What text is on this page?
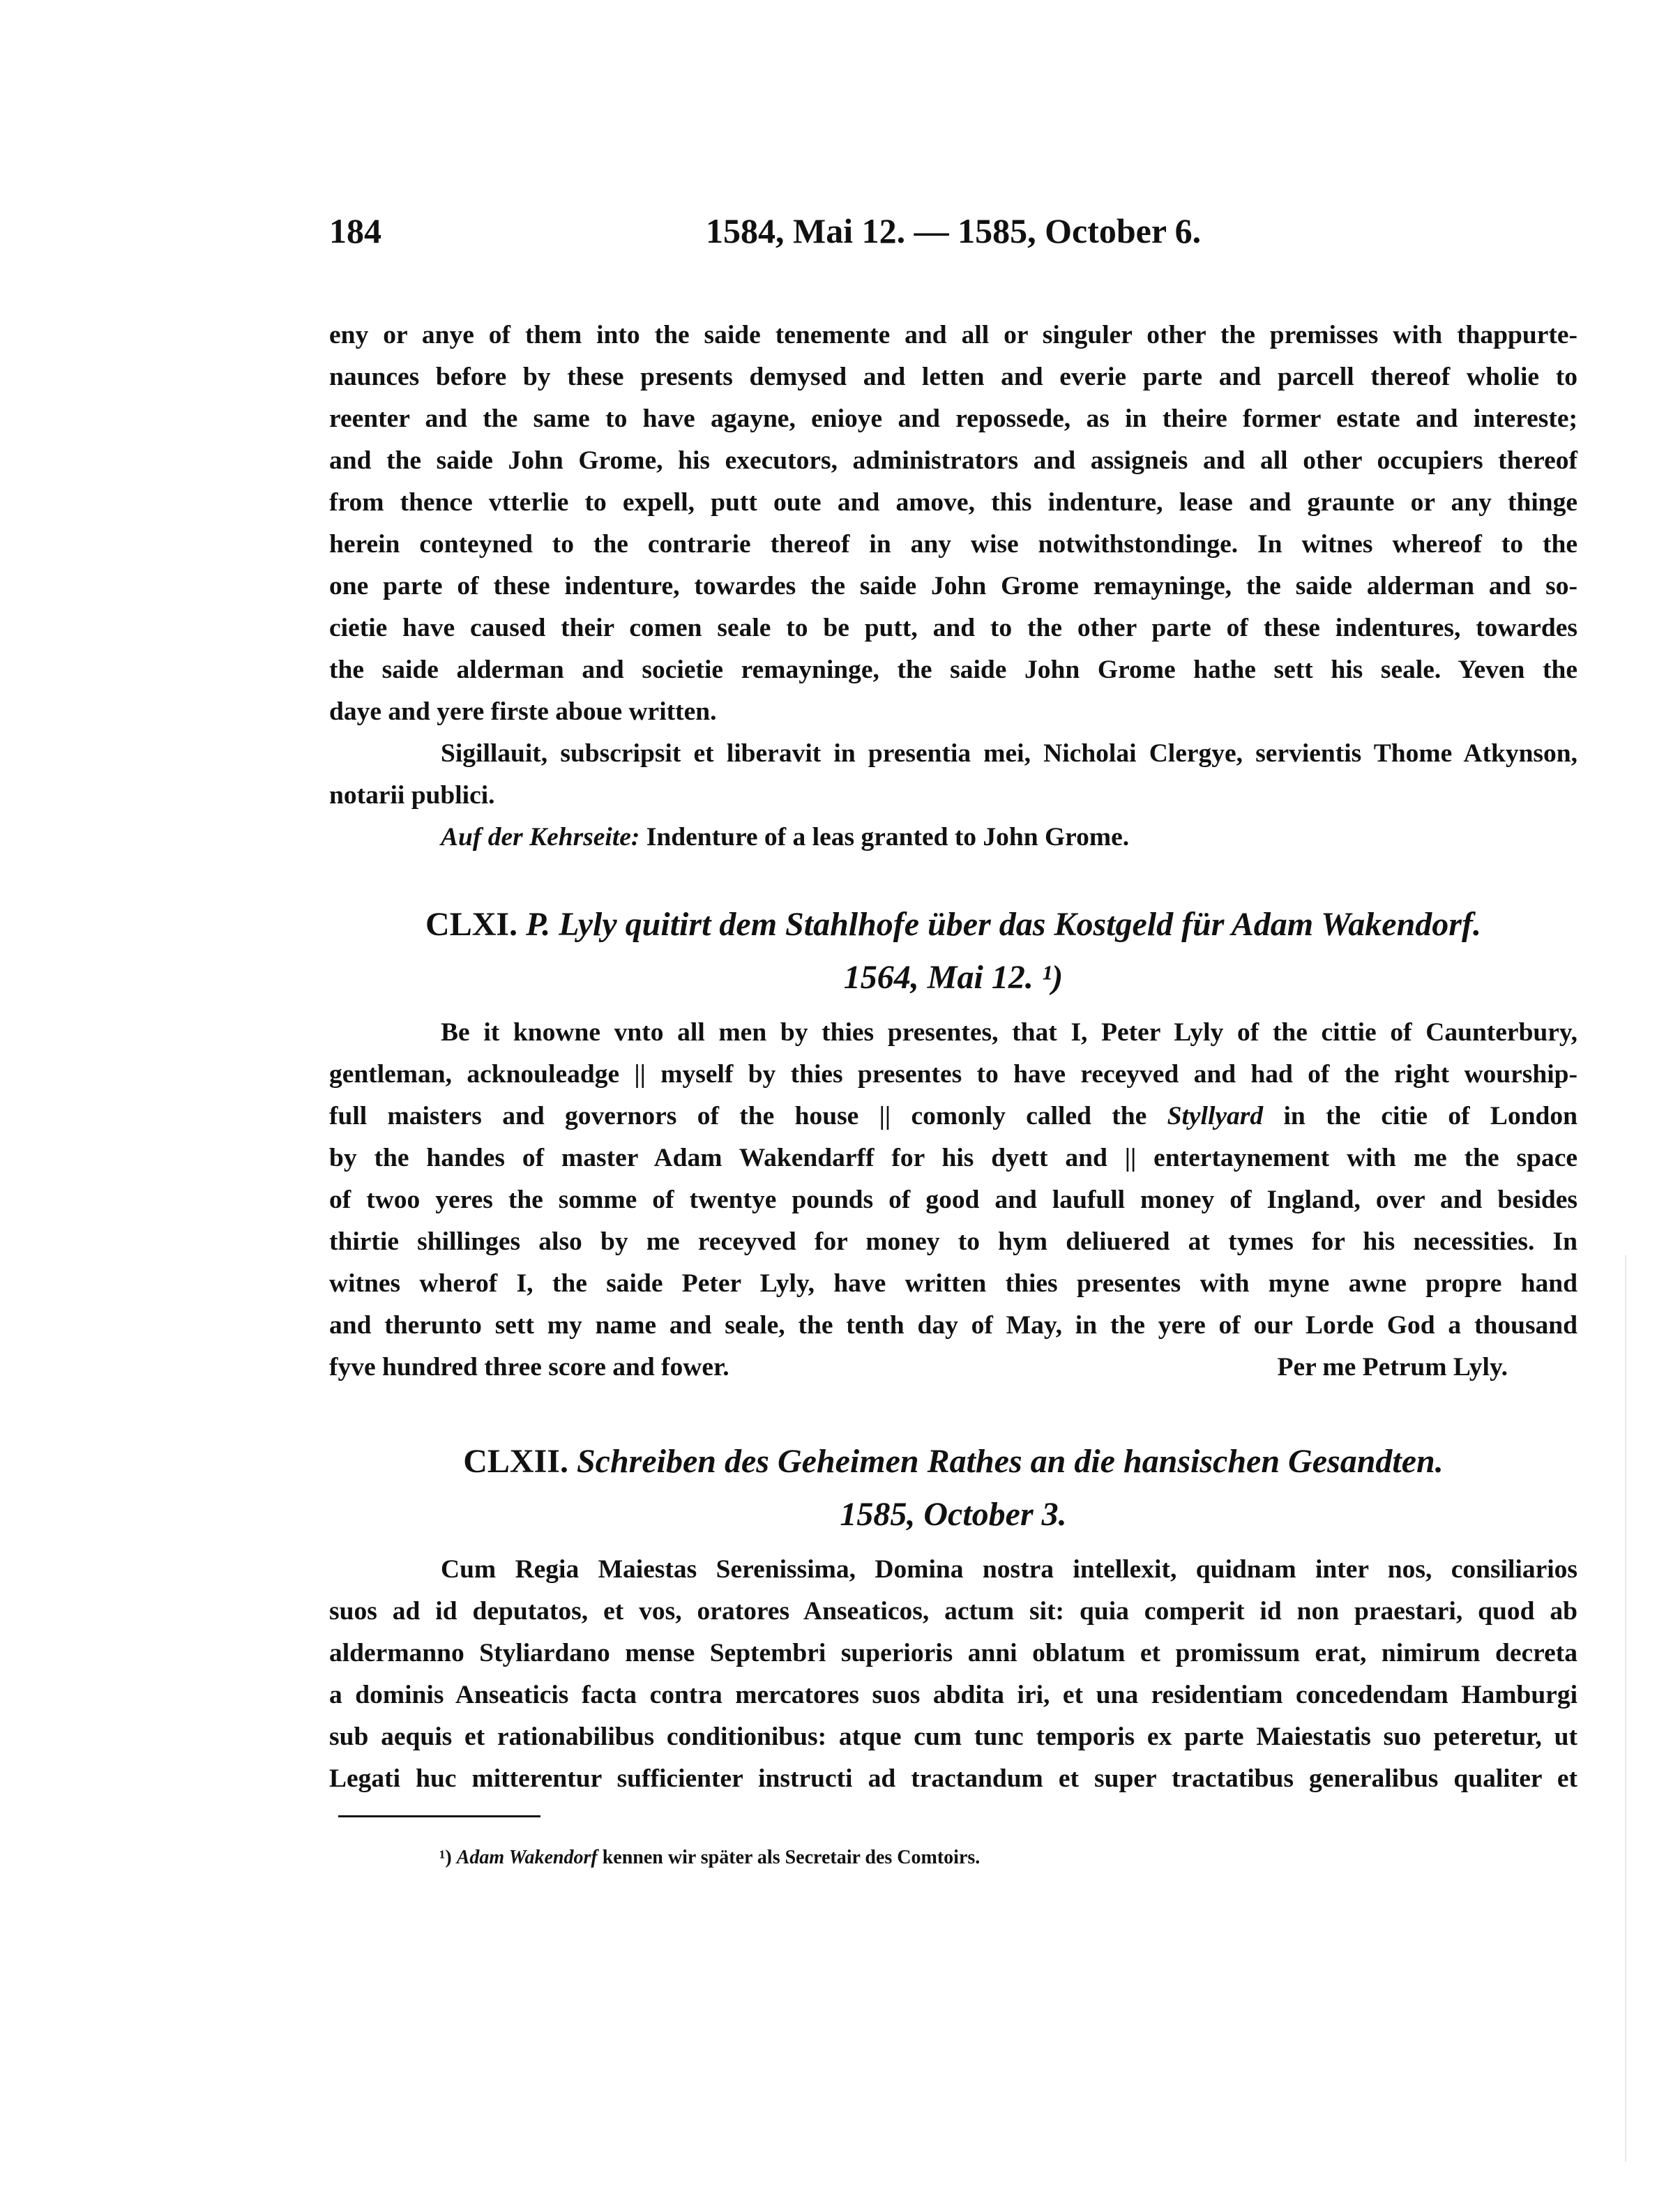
184	1584, Mai 12. — 1585, October 6.
eny or anye of them into the saide tenemente and all or singuler other the premisses with thappurte-
naunces before by these presents demysed and letten and everie parte and parcell thereof wholie to
reenter and the same to have agayne, enioye and repossede, as in theire former estate and intereste;
and the saide John Grome, his executors, administrators and assigneis and all other occupiers thereof
from thence vtterlie to expell, putt oute and amove, this indenture, lease and graunte or any thinge
herein conteyned to the contrarie thereof in any wise notwithstondinge. In witnes whereof to the
one parte of these indenture, towardes the saide John Grome remayninge, the saide alderman and so-
cietie have caused their comen seale to be putt, and to the other parte of these indentures, towardes
the saide alderman and societie remayninge, the saide John Grome hathe sett his seale. Yeven the
daye and yere firste aboue written.
Sigillauit, subscripsit et liberavit in presentia mei, Nicholai Clergye, servientis Thome Atkynson,
notarii publici.
Auf der Kehrseite: Indenture of a leas granted to John Grome.
CLXI. P. Lyly quitirt dem Stahlhofe über das Kostgeld für Adam Wakendorf.
1564, Mai 12. ¹)
Be it knowne vnto all men by thies presentes, that I, Peter Lyly of the cittie of Caunterbury,
gentleman, acknouleadge || myself by thies presentes to have receyved and had of the right wourship-
full maisters and governors of the house || comonly called the Styllyard in the citie of London
by the handes of master Adam Wakendarff for his dyett and || entertaynement with me the space
of twoo yeres the somme of twentye pounds of good and laufull money of Ingland, over and besides
thirtie shillinges also by me receyved for money to hym deliuered at tymes for his necessities. In
witnes wherof I, the saide Peter Lyly, have written thies presentes with myne awne propre hand
and therunto sett my name and seale, the tenth day of May, in the yere of our Lorde God a thousand
fyve hundred three score and fower.	Per me Petrum Lyly.
CLXII. Schreiben des Geheimen Rathes an die hansischen Gesandten.
1585, October 3.
Cum Regia Maiestas Serenissima, Domina nostra intellexit, quidnam inter nos, consiliarios
suos ad id deputatos, et vos, oratores Anseaticos, actum sit: quia comperit id non praestari, quod ab
aldermanno Styliardano mense Septembri superioris anni oblatum et promissum erat, nimirum decreta
a dominis Anseaticis facta contra mercatores suos abdita iri, et una residentiam concedendam Hamburgi
sub aequis et rationabilibus conditionibus: atque cum tunc temporis ex parte Maiestatis suo peteretur, ut
Legati huc mitterentur sufficienter instructi ad tractandum et super tractatibus generalibus qualiter et
¹) Adam Wakendorf kennen wir später als Secretair des Comtoirs.
